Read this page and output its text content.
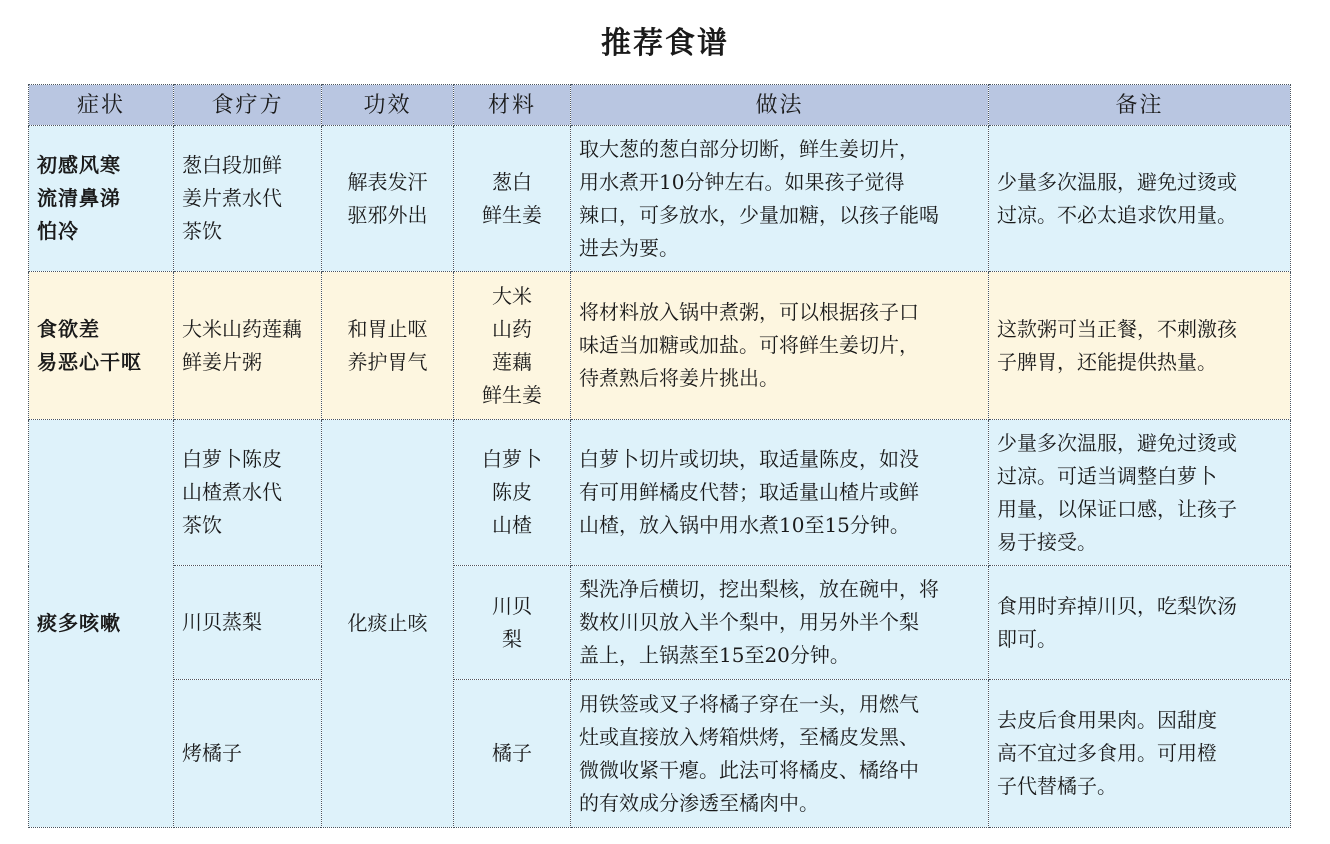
推荐食谱
症状	食疗方	功效	材料	做法	备注

初感风寒
流清鼻涕
怕冷	葱白段加鲜
姜片煮水代
茶饮	解表发汗
驱邪外出	葱白
鲜生姜	取大葱的葱白部分切断，鲜生姜切片，
用水煮开10分钟左右。如果孩子觉得
辣口，可多放水，少量加糖，以孩子能喝
进去为要。	少量多次温服，避免过烫或
过凉。不必太追求饮用量。

食欲差
易恶心干呕	大米山药莲藕
鲜姜片粥	和胃止呕
养护胃气	大米
山药
莲藕
鲜生姜	将材料放入锅中煮粥，可以根据孩子口
味适当加糖或加盐。可将鲜生姜切片，
待煮熟后将姜片挑出。	这款粥可当正餐，不刺激孩
子脾胃，还能提供热量。

痰多咳嗽	白萝卜陈皮
山楂煮水代
茶饮	化痰止咳	白萝卜
陈皮
山楂	白萝卜切片或切块，取适量陈皮，如没
有可用鲜橘皮代替；取适量山楂片或鲜
山楂，放入锅中用水煮10至15分钟。	少量多次温服，避免过烫或
过凉。可适当调整白萝卜
用量，以保证口感，让孩子
易于接受。

	川贝蒸梨		川贝
梨	梨洗净后横切，挖出梨核，放在碗中，将
数枚川贝放入半个梨中，用另外半个梨
盖上，上锅蒸至15至20分钟。	食用时弃掉川贝，吃梨饮汤
即可。

	烤橘子		橘子	用铁签或叉子将橘子穿在一头，用燃气
灶或直接放入烤箱烘烤，至橘皮发黑、
微微收紧干瘪。此法可将橘皮、橘络中
的有效成分渗透至橘肉中。	去皮后食用果肉。因甜度
高不宜过多食用。可用橙
子代替橘子。
